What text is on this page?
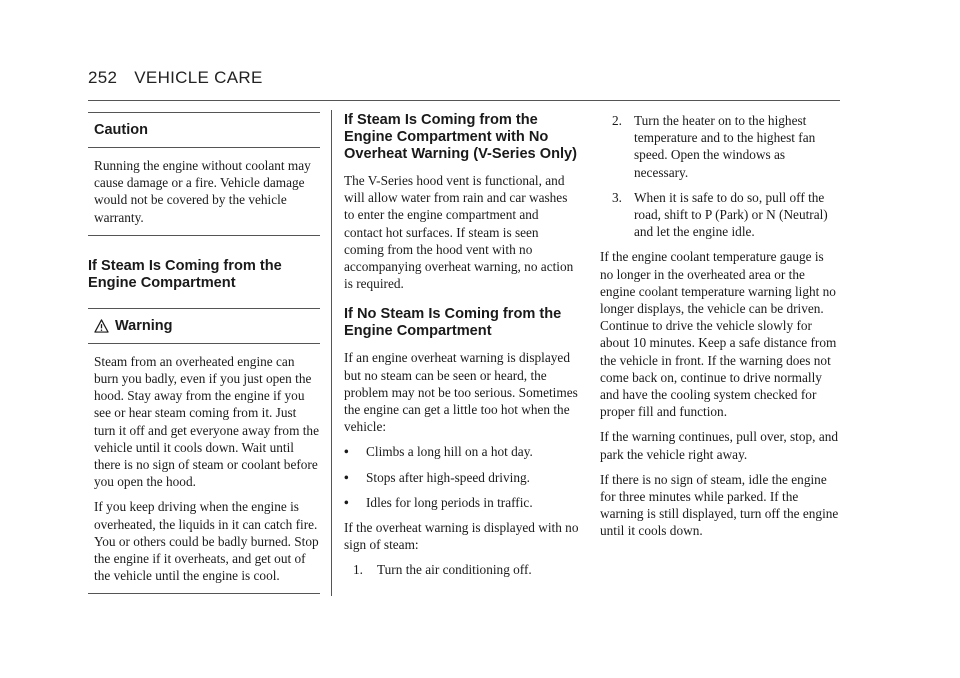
252 VEHICLE CARE
Caution

Running the engine without coolant may cause damage or a fire. Vehicle damage would not be covered by the vehicle warranty.

If Steam Is Coming from the Engine Compartment
Warning

Steam from an overheated engine can burn you badly, even if you just open the hood. Stay away from the engine if you see or hear steam coming from it. Just turn it off and get everyone away from the vehicle until it cools down. Wait until there is no sign of steam or coolant before you open the hood.

If you keep driving when the engine is overheated, the liquids in it can catch fire. You or others could be badly burned. Stop the engine if it overheats, and get out of the vehicle until the engine is cool.

If Steam Is Coming from the Engine Compartment with No Overheat Warning (V-Series Only)

The V-Series hood vent is functional, and will allow water from rain and car washes to enter the engine compartment and contact hot surfaces. If steam is seen coming from the hood vent with no accompanying overheat warning, no action is required.

If No Steam Is Coming from the Engine Compartment

If an engine overheat warning is displayed but no steam can be seen or heard, the problem may not be too serious. Sometimes the engine can get a little too hot when the vehicle:

•	Climbs a long hill on a hot day.
•	Stops after high-speed driving.
•	Idles for long periods in traffic.

If the overheat warning is displayed with no sign of steam:

1.	Turn the air conditioning off.
2. Turn the heater on to the highest temperature and to the highest fan speed. Open the windows as necessary.
3. When it is safe to do so, pull off the road, shift to P (Park) or N (Neutral) and let the engine idle.

If the engine coolant temperature gauge is no longer in the overheated area or the engine coolant temperature warning light no longer displays, the vehicle can be driven. Continue to drive the vehicle slowly for about 10 minutes. Keep a safe distance from the vehicle in front. If the warning does not come back on, continue to drive normally and have the cooling system checked for proper fill and function.

If the warning continues, pull over, stop, and park the vehicle right away.

If there is no sign of steam, idle the engine for three minutes while parked. If the warning is still displayed, turn off the engine until it cools down.
